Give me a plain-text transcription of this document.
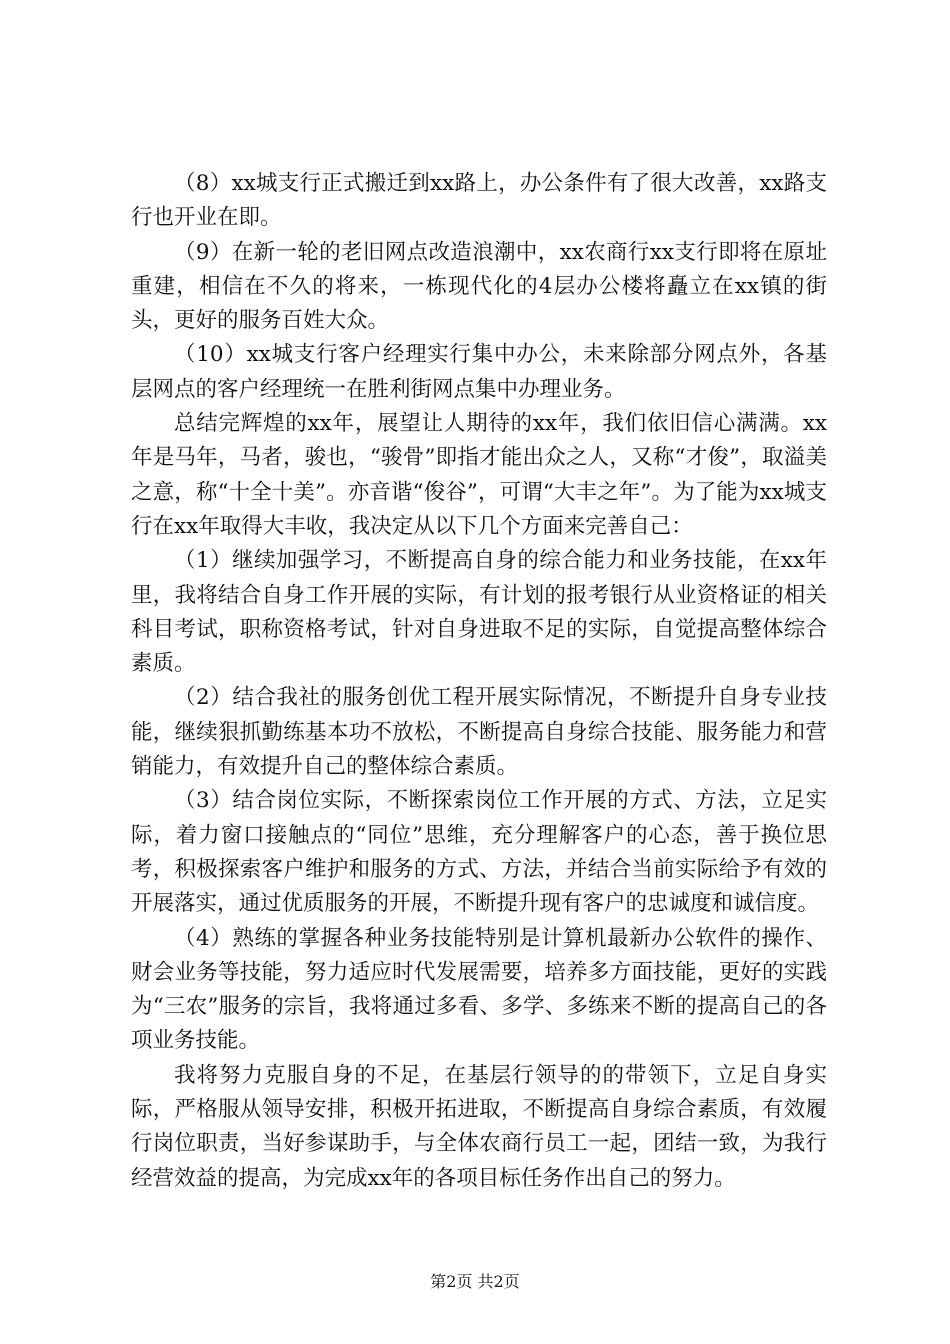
（8）xx城支行正式搬迁到xx路上，办公条件有了很大改善，xx路支行也开业在即。

（9）在新一轮的老旧网点改造浪潮中，xx农商行xx支行即将在原址重建，相信在不久的将来，一栋现代化的4层办公楼将矗立在xx镇的街头，更好的服务百姓大众。

（10）xx城支行客户经理实行集中办公，未来除部分网点外，各基层网点的客户经理统一在胜利街网点集中办理业务。

总结完辉煌的xx年，展望让人期待的xx年，我们依旧信心满满。xx年是马年，马者，骏也，“骏骨”即指才能出众之人，又称“才俊”，取溢美之意，称“十全十美”。亦音谐“俊谷”，可谓“大丰之年”。为了能为xx城支行在xx年取得大丰收，我决定从以下几个方面来完善自己：

（1）继续加强学习，不断提高自身的综合能力和业务技能，在xx年里，我将结合自身工作开展的实际，有计划的报考银行从业资格证的相关科目考试，职称资格考试，针对自身进取不足的实际，自觉提高整体综合素质。

（2）结合我社的服务创优工程开展实际情况，不断提升自身专业技能，继续狠抓勤练基本功不放松，不断提高自身综合技能、服务能力和营销能力，有效提升自己的整体综合素质。

（3）结合岗位实际，不断探索岗位工作开展的方式、方法，立足实际，着力窗口接触点的“同位”思维，充分理解客户的心态，善于换位思考，积极探索客户维护和服务的方式、方法，并结合当前实际给予有效的开展落实，通过优质服务的开展，不断提升现有客户的忠诚度和诚信度。

（4）熟练的掌握各种业务技能特别是计算机最新办公软件的操作、财会业务等技能，努力适应时代发展需要，培养多方面技能，更好的实践为“三农”服务的宗旨，我将通过多看、多学、多练来不断的提高自己的各项业务技能。

我将努力克服自身的不足，在基层行领导的的带领下，立足自身实际，严格服从领导安排，积极开拓进取，不断提高自身综合素质，有效履行岗位职责，当好参谋助手，与全体农商行员工一起，团结一致，为我行经营效益的提高，为完成xx年的各项目标任务作出自己的努力。

第2页 共2页
